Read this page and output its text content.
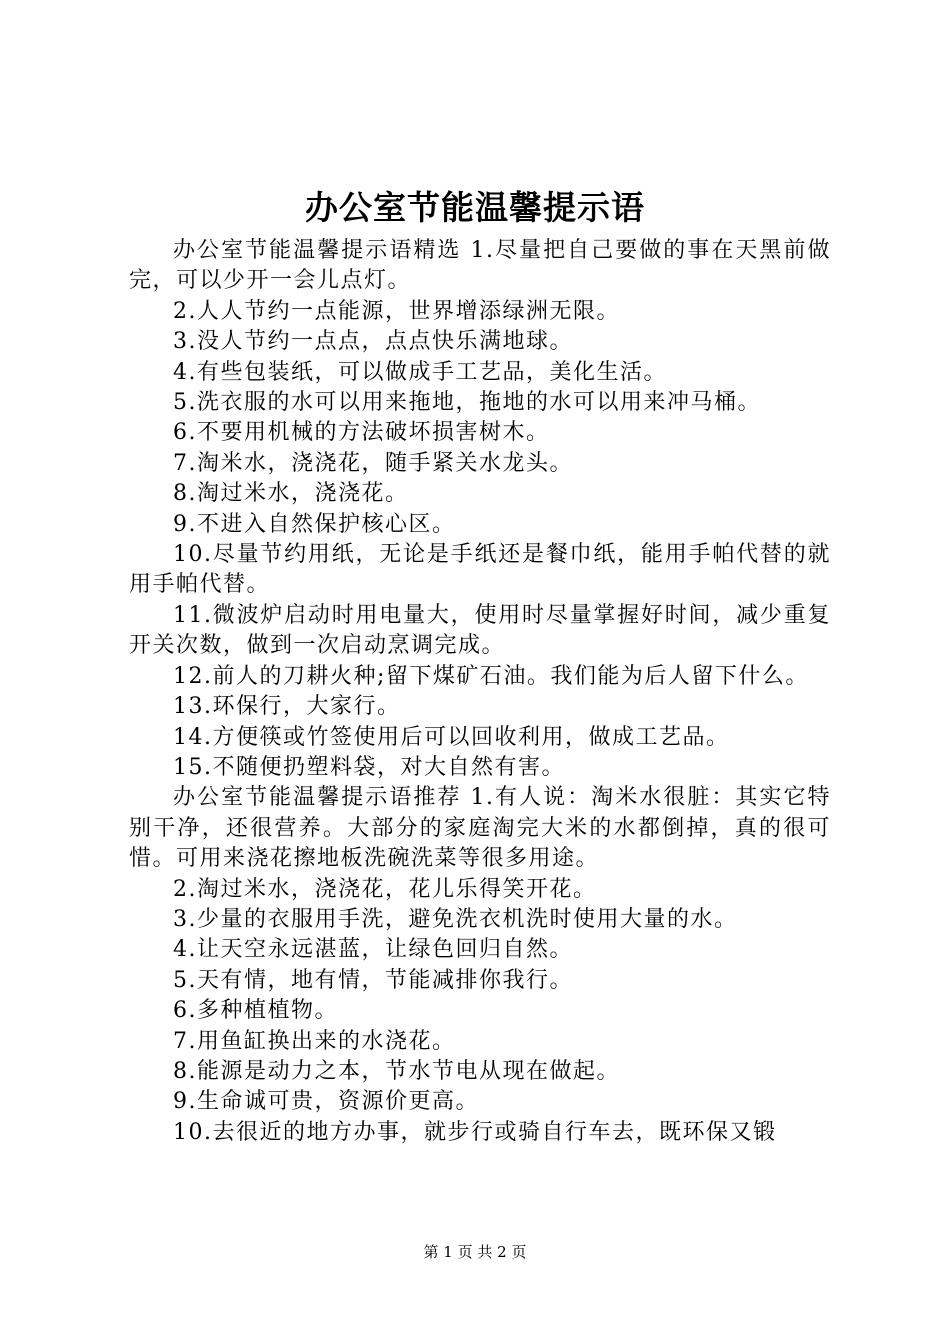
办公室节能温馨提示语

办公室节能温馨提示语精选 1.尽量把自己要做的事在天黑前做完，可以少开一会儿点灯。

2.人人节约一点能源，世界增添绿洲无限。

3.没人节约一点点，点点快乐满地球。

4.有些包装纸，可以做成手工艺品，美化生活。

5.洗衣服的水可以用来拖地，拖地的水可以用来冲马桶。

6.不要用机械的方法破坏损害树木。

7.淘米水，浇浇花，随手紧关水龙头。

8.淘过米水，浇浇花。

9.不进入自然保护核心区。

10.尽量节约用纸，无论是手纸还是餐巾纸，能用手帕代替的就用手帕代替。

11.微波炉启动时用电量大，使用时尽量掌握好时间，减少重复开关次数，做到一次启动烹调完成。

12.前人的刀耕火种;留下煤矿石油。我们能为后人留下什么。

13.环保行，大家行。

14.方便筷或竹签使用后可以回收利用，做成工艺品。

15.不随便扔塑料袋，对大自然有害。

办公室节能温馨提示语推荐 1.有人说：淘米水很脏：其实它特别干净，还很营养。大部分的家庭淘完大米的水都倒掉，真的很可惜。可用来浇花擦地板洗碗洗菜等很多用途。

2.淘过米水，浇浇花，花儿乐得笑开花。

3.少量的衣服用手洗，避免洗衣机洗时使用大量的水。

4.让天空永远湛蓝，让绿色回归自然。

5.天有情，地有情，节能减排你我行。

6.多种植植物。

7.用鱼缸换出来的水浇花。

8.能源是动力之本，节水节电从现在做起。

9.生命诚可贵，资源价更高。

10.去很近的地方办事，就步行或骑自行车去，既环保又锻

第 1 页 共 2 页
